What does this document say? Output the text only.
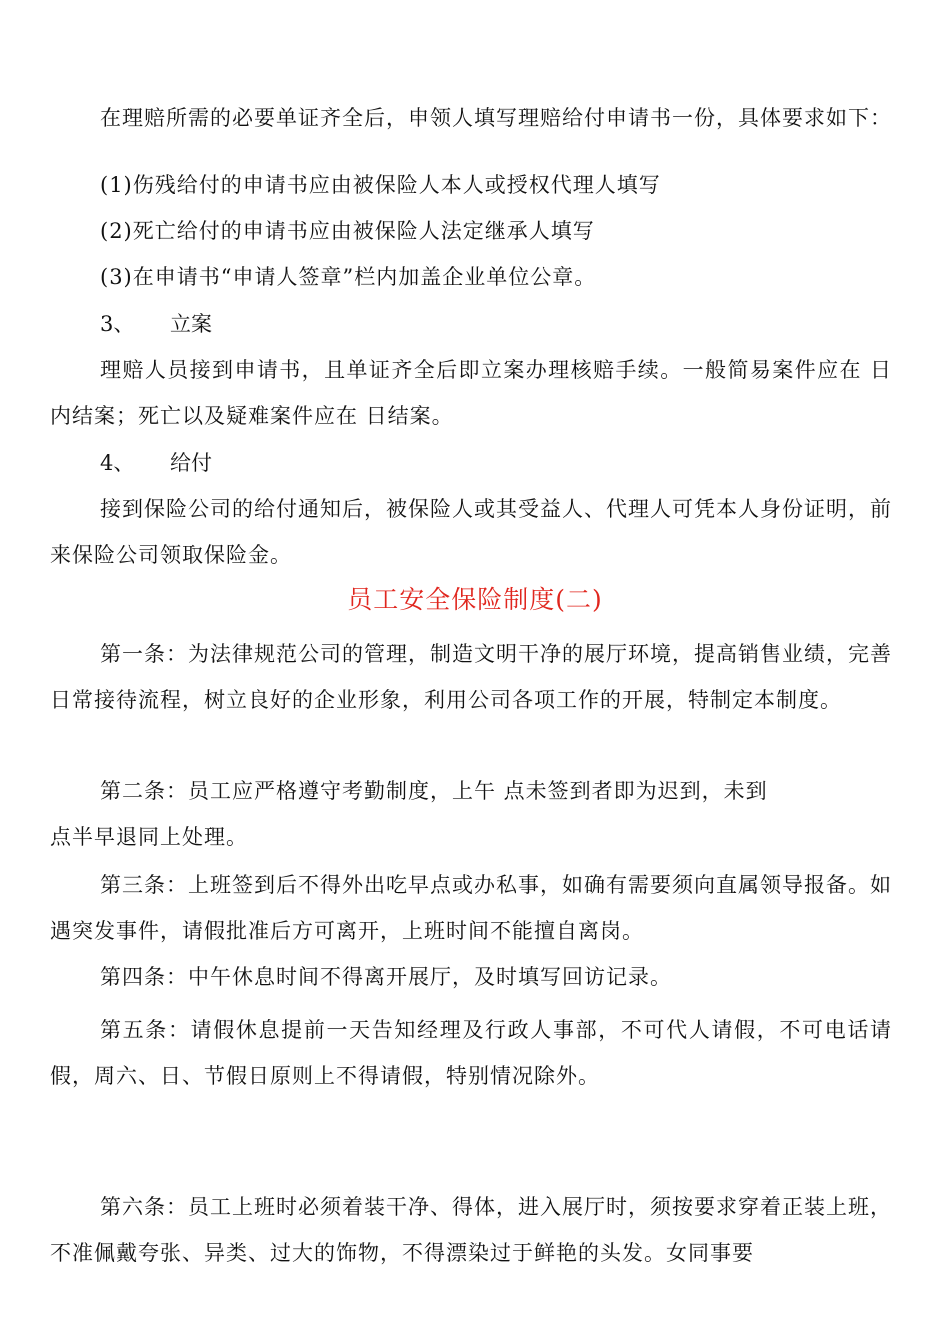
在理赔所需的必要单证齐全后，申领人填写理赔给付申请书一份，具体要求如下：

(1)伤残给付的申请书应由被保险人本人或授权代理人填写
(2)死亡给付的申请书应由被保险人法定继承人填写
(3)在申请书“申请人签章”栏内加盖企业单位公章。
3、 立案

理赔人员接到申请书，且单证齐全后即立案办理核赔手续。一般简易案件应在 日内结案；死亡以及疑难案件应在 日结案。

4、 给付

接到保险公司的给付通知后，被保险人或其受益人、代理人可凭本人身份证明，前来保险公司领取保险金。

员工安全保险制度(二)

第一条：为法律规范公司的管理，制造文明干净的展厅环境，提高销售业绩，完善日常接待流程，树立良好的企业形象，利用公司各项工作的开展，特制定本制度。

第二条：员工应严格遵守考勤制度，上午 点未签到者即为迟到，未到
点半早退同上处理。

第三条：上班签到后不得外出吃早点或办私事，如确有需要须向直属领导报备。如遇突发事件，请假批准后方可离开，上班时间不能擅自离岗。

第四条：中午休息时间不得离开展厅，及时填写回访记录。

第五条：请假休息提前一天告知经理及行政人事部，不可代人请假，不可电话请假，周六、日、节假日原则上不得请假，特别情况除外。

第六条：员工上班时必须着装干净、得体，进入展厅时，须按要求穿着正装上班，不准佩戴夸张、异类、过大的饰物，不得漂染过于鲜艳的头发。女同事要
